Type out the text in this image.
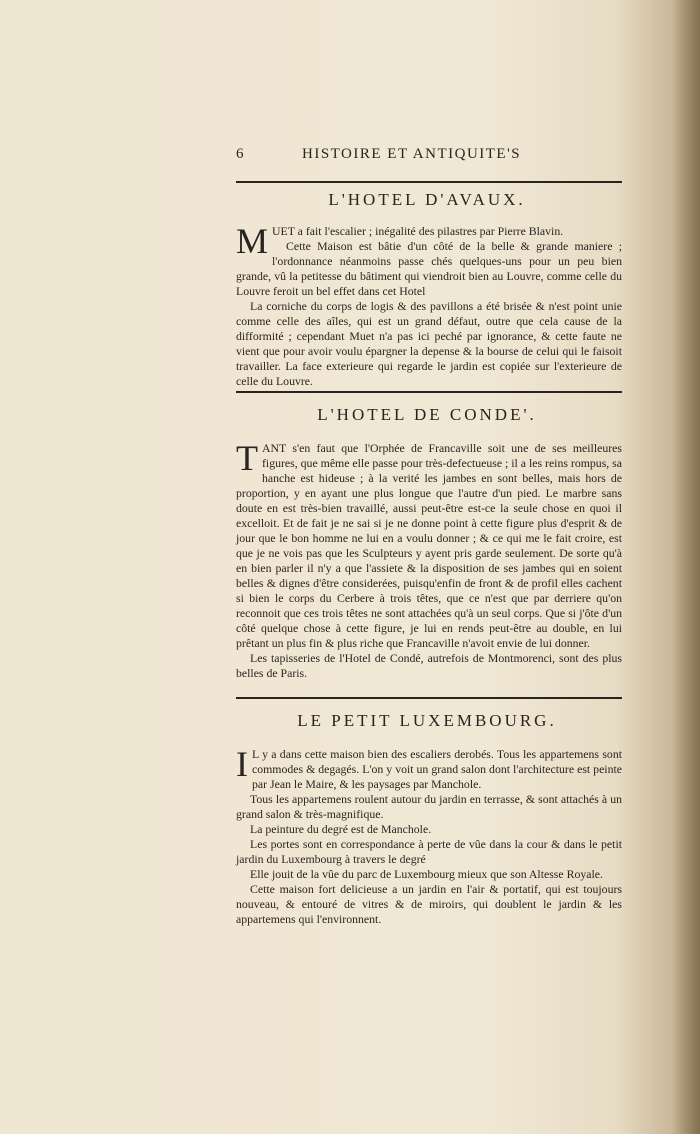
6	HISTOIRE ET ANTIQUITE'S
L'HOTEL D'AVAUX.

MUET a fait l'escalier ; inégalité des pilastres par Pierre Blavin.

Cette Maison est bâtie d'un côté de la belle & grande maniere ; l'ordonnance néanmoins passe chés quelques-uns pour un peu bien grande, vû la petitesse du bâtiment qui viendroit bien au Louvre, comme celle du Louvre feroit un bel effet dans cet Hotel

La corniche du corps de logis & des pavillons a été brisée & n'est point unie comme celle des aîles, qui est un grand défaut, outre que cela cause de la difformité ; cependant Muet n'a pas ici peché par ignorance, & cette faute ne vient que pour avoir voulu épargner la depense & la bourse de celui qui le faisoit travailler. La face exterieure qui regarde le jardin est copiée sur l'exterieure de celle du Louvre.

L'HOTEL DE CONDE'.

TANT s'en faut que l'Orphée de Francaville soit une de ses meilleures figures, que même elle passe pour très-defectueuse ; il a les reins rompus, sa hanche est hideuse ; à la verité les jambes en sont belles, mais hors de proportion, y en ayant une plus longue que l'autre d'un pied. Le marbre sans doute en est très-bien travaillé, aussi peut-être est-ce la seule chose en quoi il excelloit. Et de fait je ne sai si je ne donne point à cette figure plus d'esprit & de jour que le bon homme ne lui en a voulu donner ; & ce qui me le fait croire, est que je ne vois pas que les Sculpteurs y ayent pris garde seulement. De sorte qu'à en bien parler il n'y a que l'assiete & la disposition de ses jambes qui en soient belles & dignes d'être considerées, puisqu'enfin de front & de profil elles cachent si bien le corps du Cerbere à trois têtes, que ce n'est que par derriere qu'on reconnoit que ces trois têtes ne sont attachées qu'à un seul corps. Que si j'ôte d'un côté quelque chose à cette figure, je lui en rends peut-être au double, en lui prêtant un plus fin & plus riche que Francaville n'avoit envie de lui donner.

Les tapisseries de l'Hotel de Condé, autrefois de Montmorenci, sont des plus belles de Paris.

LE PETIT LUXEMBOURG.

I L y a dans cette maison bien des escaliers derobés. Tous les appartemens sont commodes & degagés. L'on y voit un grand salon dont l'architecture est peinte par Jean le Maire, & les paysages par Manchole.

Tous les appartemens roulent autour du jardin en terrasse, & sont attachés à un grand salon & très-magnifique.

La peinture du degré est de Manchole.

Les portes sont en correspondance à perte de vûe dans la cour & dans le petit jardin du Luxembourg à travers le degré

Elle jouit de la vûe du parc de Luxembourg mieux que son Altesse Royale.

Cette maison fort delicieuse a un jardin en l'air & portatif, qui est toujours nouveau, & entouré de vitres & de miroirs, qui doublent le jardin & les appartemens qui l'environnent.
